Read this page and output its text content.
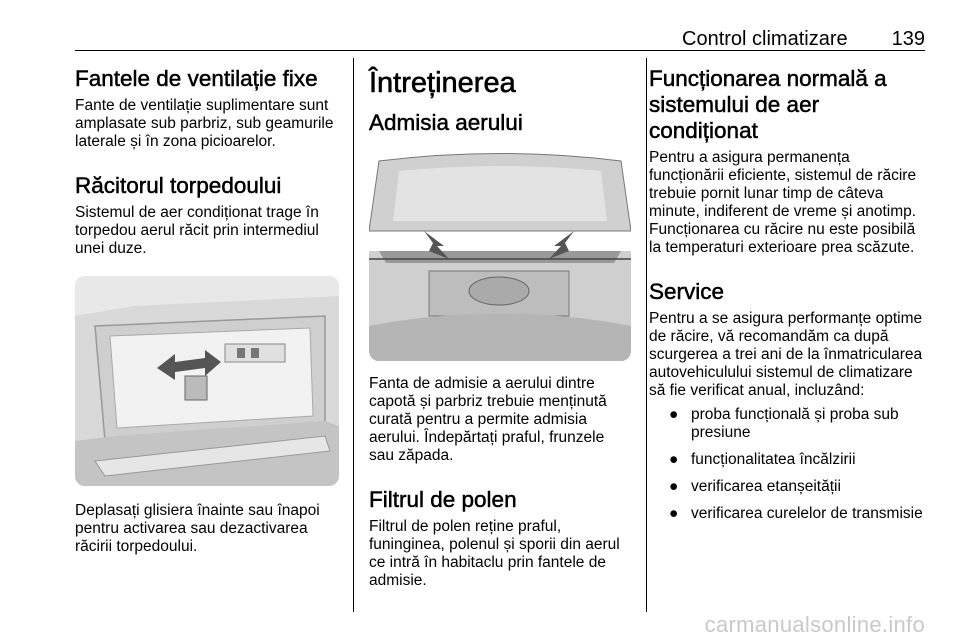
Control climatizare 139
Fantele de ventilație fixe

Fante de ventilație suplimentare sunt amplasate sub parbriz, sub geamurile laterale și în zona picioarelor.

Răcitorul torpedoului

Sistemul de aer condiționat trage în torpedou aerul răcit prin intermediul unei duze.

Deplasați glisiera înainte sau înapoi pentru activarea sau dezactivarea răcirii torpedoului.

Întreținerea
Admisia aerului

Fanta de admisie a aerului dintre capotă și parbriz trebuie menținută curată pentru a permite admisia aerului. Îndepărtați praful, frunzele sau zăpada.

Filtrul de polen

Filtrul de polen reține praful, funinginea, polenul și sporii din aerul ce intră în habitaclu prin fantele de admisie.

Funcționarea normală a sistemului de aer condiționat

Pentru a asigura permanența funcționării eficiente, sistemul de răcire trebuie pornit lunar timp de câteva minute, indiferent de vreme și anotimp. Funcționarea cu răcire nu este posibilă la temperaturi exterioare prea scăzute.

Service

Pentru a se asigura performanțe optime de răcire, vă recomandăm ca după scurgerea a trei ani de la înmatricularea autovehiculului sistemul de climatizare să fie verificat anual, incluzând:

● proba funcțională și proba sub presiune
● funcționalitatea încălzirii
● verificarea etanșeității
● verificarea curelelor de transmisie
carmanualsonline.info
